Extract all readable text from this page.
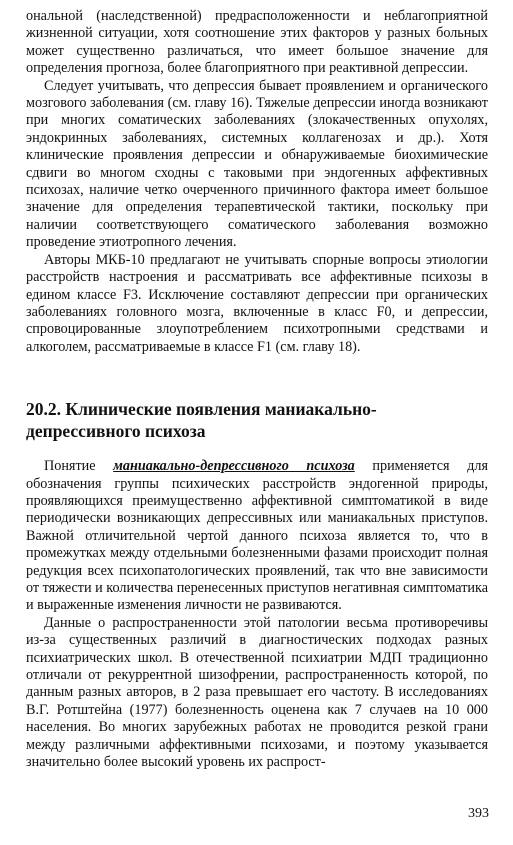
ональной (наследственной) предрасположенности и неблагоприятной жизненной ситуации, хотя соотношение этих факторов у разных больных может существенно различаться, что имеет большое значение для определения прогноза, более благоприятного при реактивной депрессии.

Следует учитывать, что депрессия бывает проявлением и органического мозгового заболевания (см. главу 16). Тяжелые депрессии иногда возникают при многих соматических заболеваниях (злокачественных опухолях, эндокринных заболеваниях, системных коллагенозах и др.). Хотя клинические проявления депрессии и обнаруживаемые биохимические сдвиги во многом сходны с таковыми при эндогенных аффективных психозах, наличие четко очерченного причинного фактора имеет большое значение для определения терапевтической тактики, поскольку при наличии соответствующего соматического заболевания возможно проведение этиотропного лечения.

Авторы МКБ-10 предлагают не учитывать спорные вопросы этиологии расстройств настроения и рассматривать все аффективные психозы в едином классе F3. Исключение составляют депрессии при органических заболеваниях головного мозга, включенные в класс F0, и депрессии, спровоцированные злоупотреблением психотропными средствами и алкоголем, рассматриваемые в классе F1 (см. главу 18).

20.2. Клинические появления маниакально-депрессивного психоза

Понятие маниакально-депрессивного психоза применяется для обозначения группы психических расстройств эндогенной природы, проявляющихся преимущественно аффективной симптоматикой в виде периодически возникающих депрессивных или маниакальных приступов. Важной отличительной чертой данного психоза является то, что в промежутках между отдельными болезненными фазами происходит полная редукция всех психопатологических проявлений, так что вне зависимости от тяжести и количества перенесенных приступов негативная симптоматика и выраженные изменения личности не развиваются.

Данные о распространенности этой патологии весьма противоречивы из-за существенных различий в диагностических подходах разных психиатрических школ. В отечественной психиатрии МДП традиционно отличали от рекуррентной шизофрении, распространенность которой, по данным разных авторов, в 2 раза превышает его частоту. В исследованиях В.Г. Ротштейна (1977) болезненность оценена как 7 случаев на 10 000 населения. Во многих зарубежных работах не проводится резкой грани между различными аффективными психозами, и поэтому указывается значительно более высокий уровень их распрост-

393
